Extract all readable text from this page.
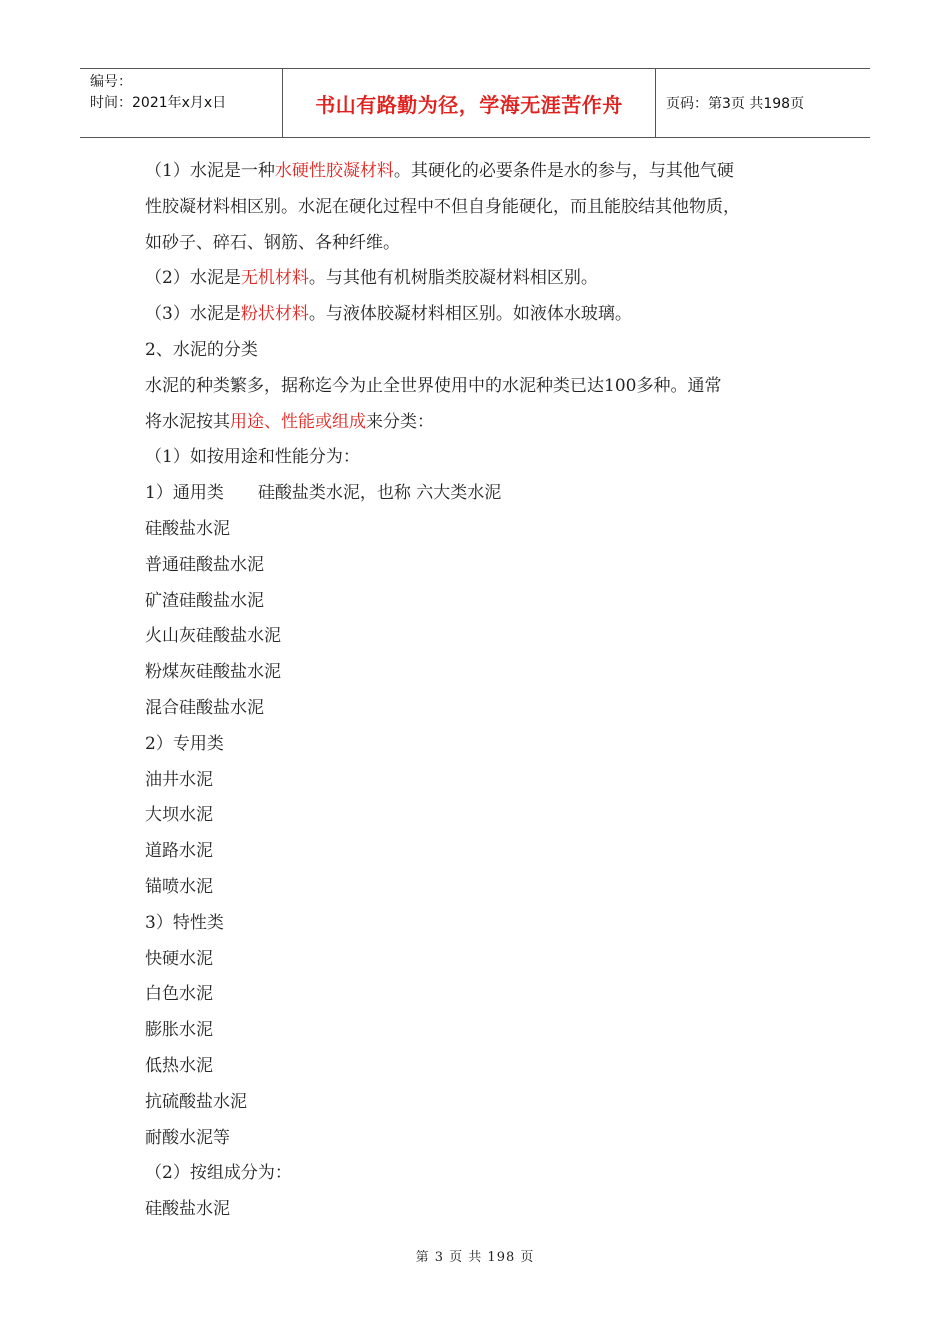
编号：
时间：2021年x月x日	书山有路勤为径，学海无涯苦作舟	页码：第3页 共198页
（1）水泥是一种水硬性胶凝材料。其硬化的必要条件是水的参与，与其他气硬
性胶凝材料相区别。水泥在硬化过程中不但自身能硬化，而且能胶结其他物质，
如砂子、碎石、钢筋、各种纤维。
（2）水泥是无机材料。与其他有机树脂类胶凝材料相区别。
（3）水泥是粉状材料。与液体胶凝材料相区别。如液体水玻璃。
2、水泥的分类
水泥的种类繁多，据称迄今为止全世界使用中的水泥种类已达100多种。通常
将水泥按其用途、性能或组成来分类：
（1）如按用途和性能分为：
1）通用类　　硅酸盐类水泥，也称 六大类水泥
硅酸盐水泥
普通硅酸盐水泥
矿渣硅酸盐水泥
火山灰硅酸盐水泥
粉煤灰硅酸盐水泥
混合硅酸盐水泥
2）专用类
油井水泥
大坝水泥
道路水泥
锚喷水泥
3）特性类
快硬水泥
白色水泥
膨胀水泥
低热水泥
抗硫酸盐水泥
耐酸水泥等
（2）按组成分为：
硅酸盐水泥
第 3 页 共 198 页
